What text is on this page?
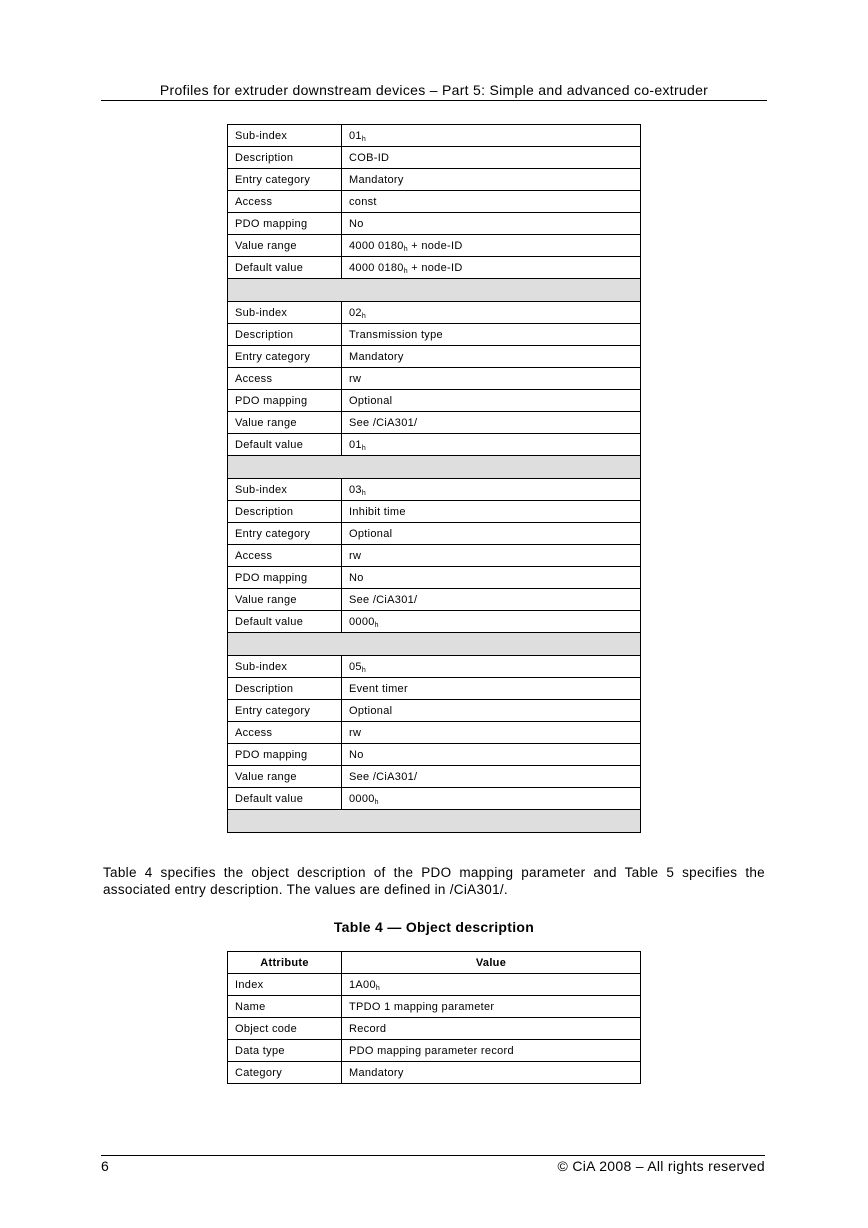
Profiles for extruder downstream devices – Part 5: Simple and advanced co-extruder
Sub-index	$01_h$
Description	COB-ID
Entry category	Mandatory
Access	const
PDO mapping	No
Value range	4000 $0180_h$ + node-ID
Default value	4000 $0180_h$ + node-ID

Sub-index	$02_h$
Description	Transmission type
Entry category	Mandatory
Access	rw
PDO mapping	Optional
Value range	See /CiA301/
Default value	$01_h$

Sub-index	$03_h$
Description	Inhibit time
Entry category	Optional
Access	rw
PDO mapping	No
Value range	See /CiA301/
Default value	$0000_h$

Sub-index	$05_h$
Description	Event timer
Entry category	Optional
Access	rw
PDO mapping	No
Value range	See /CiA301/
Default value	$0000_h$

Table 4 specifies the object description of the PDO mapping parameter and Table 5 specifies the associated entry description. The values are defined in /CiA301/.
Table 4 — Object description
Attribute	Value
Index	$1A00_h$
Name	TPDO 1 mapping parameter
Object code	Record
Data type	PDO mapping parameter record
Category	Mandatory
6	© CiA 2008 – All rights reserved
